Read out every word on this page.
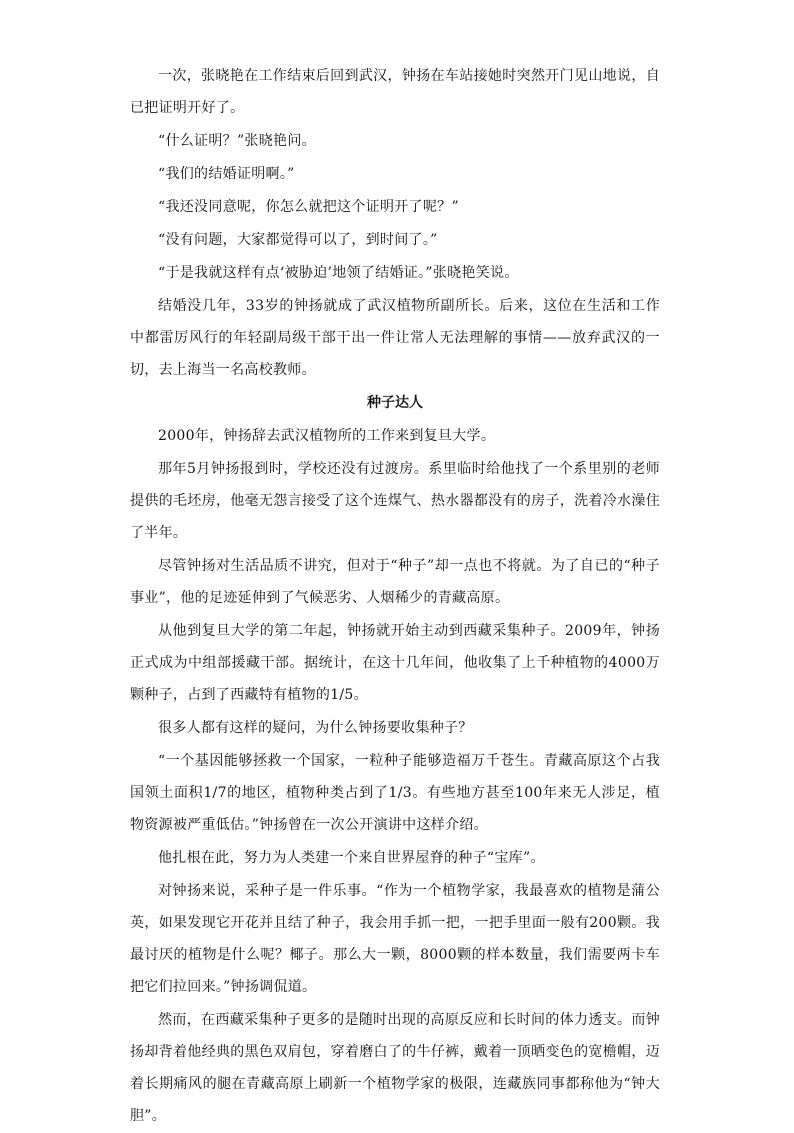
一次，张晓艳在工作结束后回到武汉，钟扬在车站接她时突然开门见山地说，自已把证明开好了。

“什么证明？”张晓艳问。

“我们的结婚证明啊。”

“我还没同意呢，你怎么就把这个证明开了呢？”

“没有问题，大家都觉得可以了，到时间了。”

“于是我就这样有点‘被胁迫’地领了结婚证。”张晓艳笑说。

结婚没几年，33岁的钟扬就成了武汉植物所副所长。后来，这位在生活和工作中都雷厉风行的年轻副局级干部干出一件让常人无法理解的事情——放弃武汉的一切，去上海当一名高校教师。

种子达人

2000年，钟扬辞去武汉植物所的工作来到复旦大学。

那年5月钟扬报到时，学校还没有过渡房。系里临时给他找了一个系里别的老师提供的毛坯房，他毫无怨言接受了这个连煤气、热水器都没有的房子，洗着冷水澡住了半年。

尽管钟扬对生活品质不讲究，但对于“种子”却一点也不将就。为了自已的“种子事业”，他的足迹延伸到了气候恶劣、人烟稀少的青藏高原。

从他到复旦大学的第二年起，钟扬就开始主动到西藏采集种子。2009年，钟扬正式成为中组部援藏干部。据统计，在这十几年间，他收集了上千种植物的4000万颗种子，占到了西藏特有植物的1/5。

很多人都有这样的疑问，为什么钟扬要收集种子？

“一个基因能够拯救一个国家，一粒种子能够造福万千苍生。青藏高原这个占我国领土面积1/7的地区，植物种类占到了1/3。有些地方甚至100年来无人涉足，植物资源被严重低估。”钟扬曾在一次公开演讲中这样介绍。

他扎根在此，努力为人类建一个来自世界屋脊的种子“宝库”。

对钟扬来说，采种子是一件乐事。“作为一个植物学家，我最喜欢的植物是蒲公英，如果发现它开花并且结了种子，我会用手抓一把，一把手里面一般有200颗。我最讨厌的植物是什么呢？椰子。那么大一颗，8000颗的样本数量，我们需要两卡车把它们拉回来。”钟扬调侃道。

然而，在西藏采集种子更多的是随时出现的高原反应和长时间的体力透支。而钟扬却背着他经典的黑色双肩包，穿着磨白了的牛仔裤，戴着一顶晒变色的宽檐帽，迈着长期痛风的腿在青藏高原上刷新一个植物学家的极限，连藏族同事都称他为“钟大胆”。
